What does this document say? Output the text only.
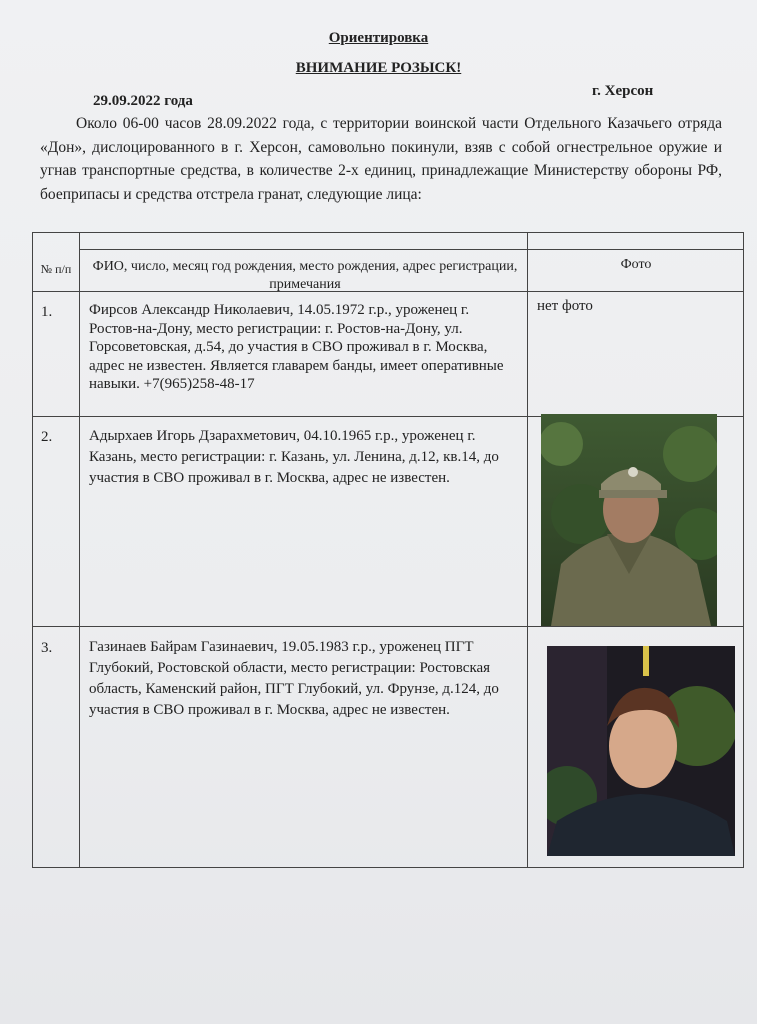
Ориентировка
ВНИМАНИЕ РОЗЫСК!
г. Херсон
29.09.2022 года
Около 06-00 часов 28.09.2022 года, с территории воинской части Отдельного Казачьего отряда «Дон», дислоцированного в г. Херсон, самовольно покинули, взяв с собой огнестрельное оружие и угнав транспортные средства, в количестве 2-х единиц, принадлежащие Министерству обороны РФ, боеприпасы и средства отстрела гранат, следующие лица:
№ п/п	ФИО, число, месяц год рождения, место рождения, адрес регистрации, примечания
Фото
1. Фирсов Александр Николаевич, 14.05.1972 г.р., уроженец г. Ростов-на-Дону, место регистрации: г. Ростов-на-Дону, ул. Горсоветовская, д.54, до участия в СВО проживал в г. Москва, адрес не известен. Является главарем банды, имеет оперативные навыки. +7(965)258-48-17
нет фото
2. Адырхаев Игорь Дзарахметович, 04.10.1965 г.р., уроженец г. Казань, место регистрации: г. Казань, ул. Ленина, д.12, кв.14, до участия в СВО проживал в г. Москва, адрес не известен.
3. Газинаев Байрам Газинаевич, 19.05.1983 г.р., уроженец ПГТ Глубокий, Ростовской области, место регистрации: Ростовская область, Каменский район, ПГТ Глубокий, ул. Фрунзе, д.124, до участия в СВО проживал в г. Москва, адрес не известен.
